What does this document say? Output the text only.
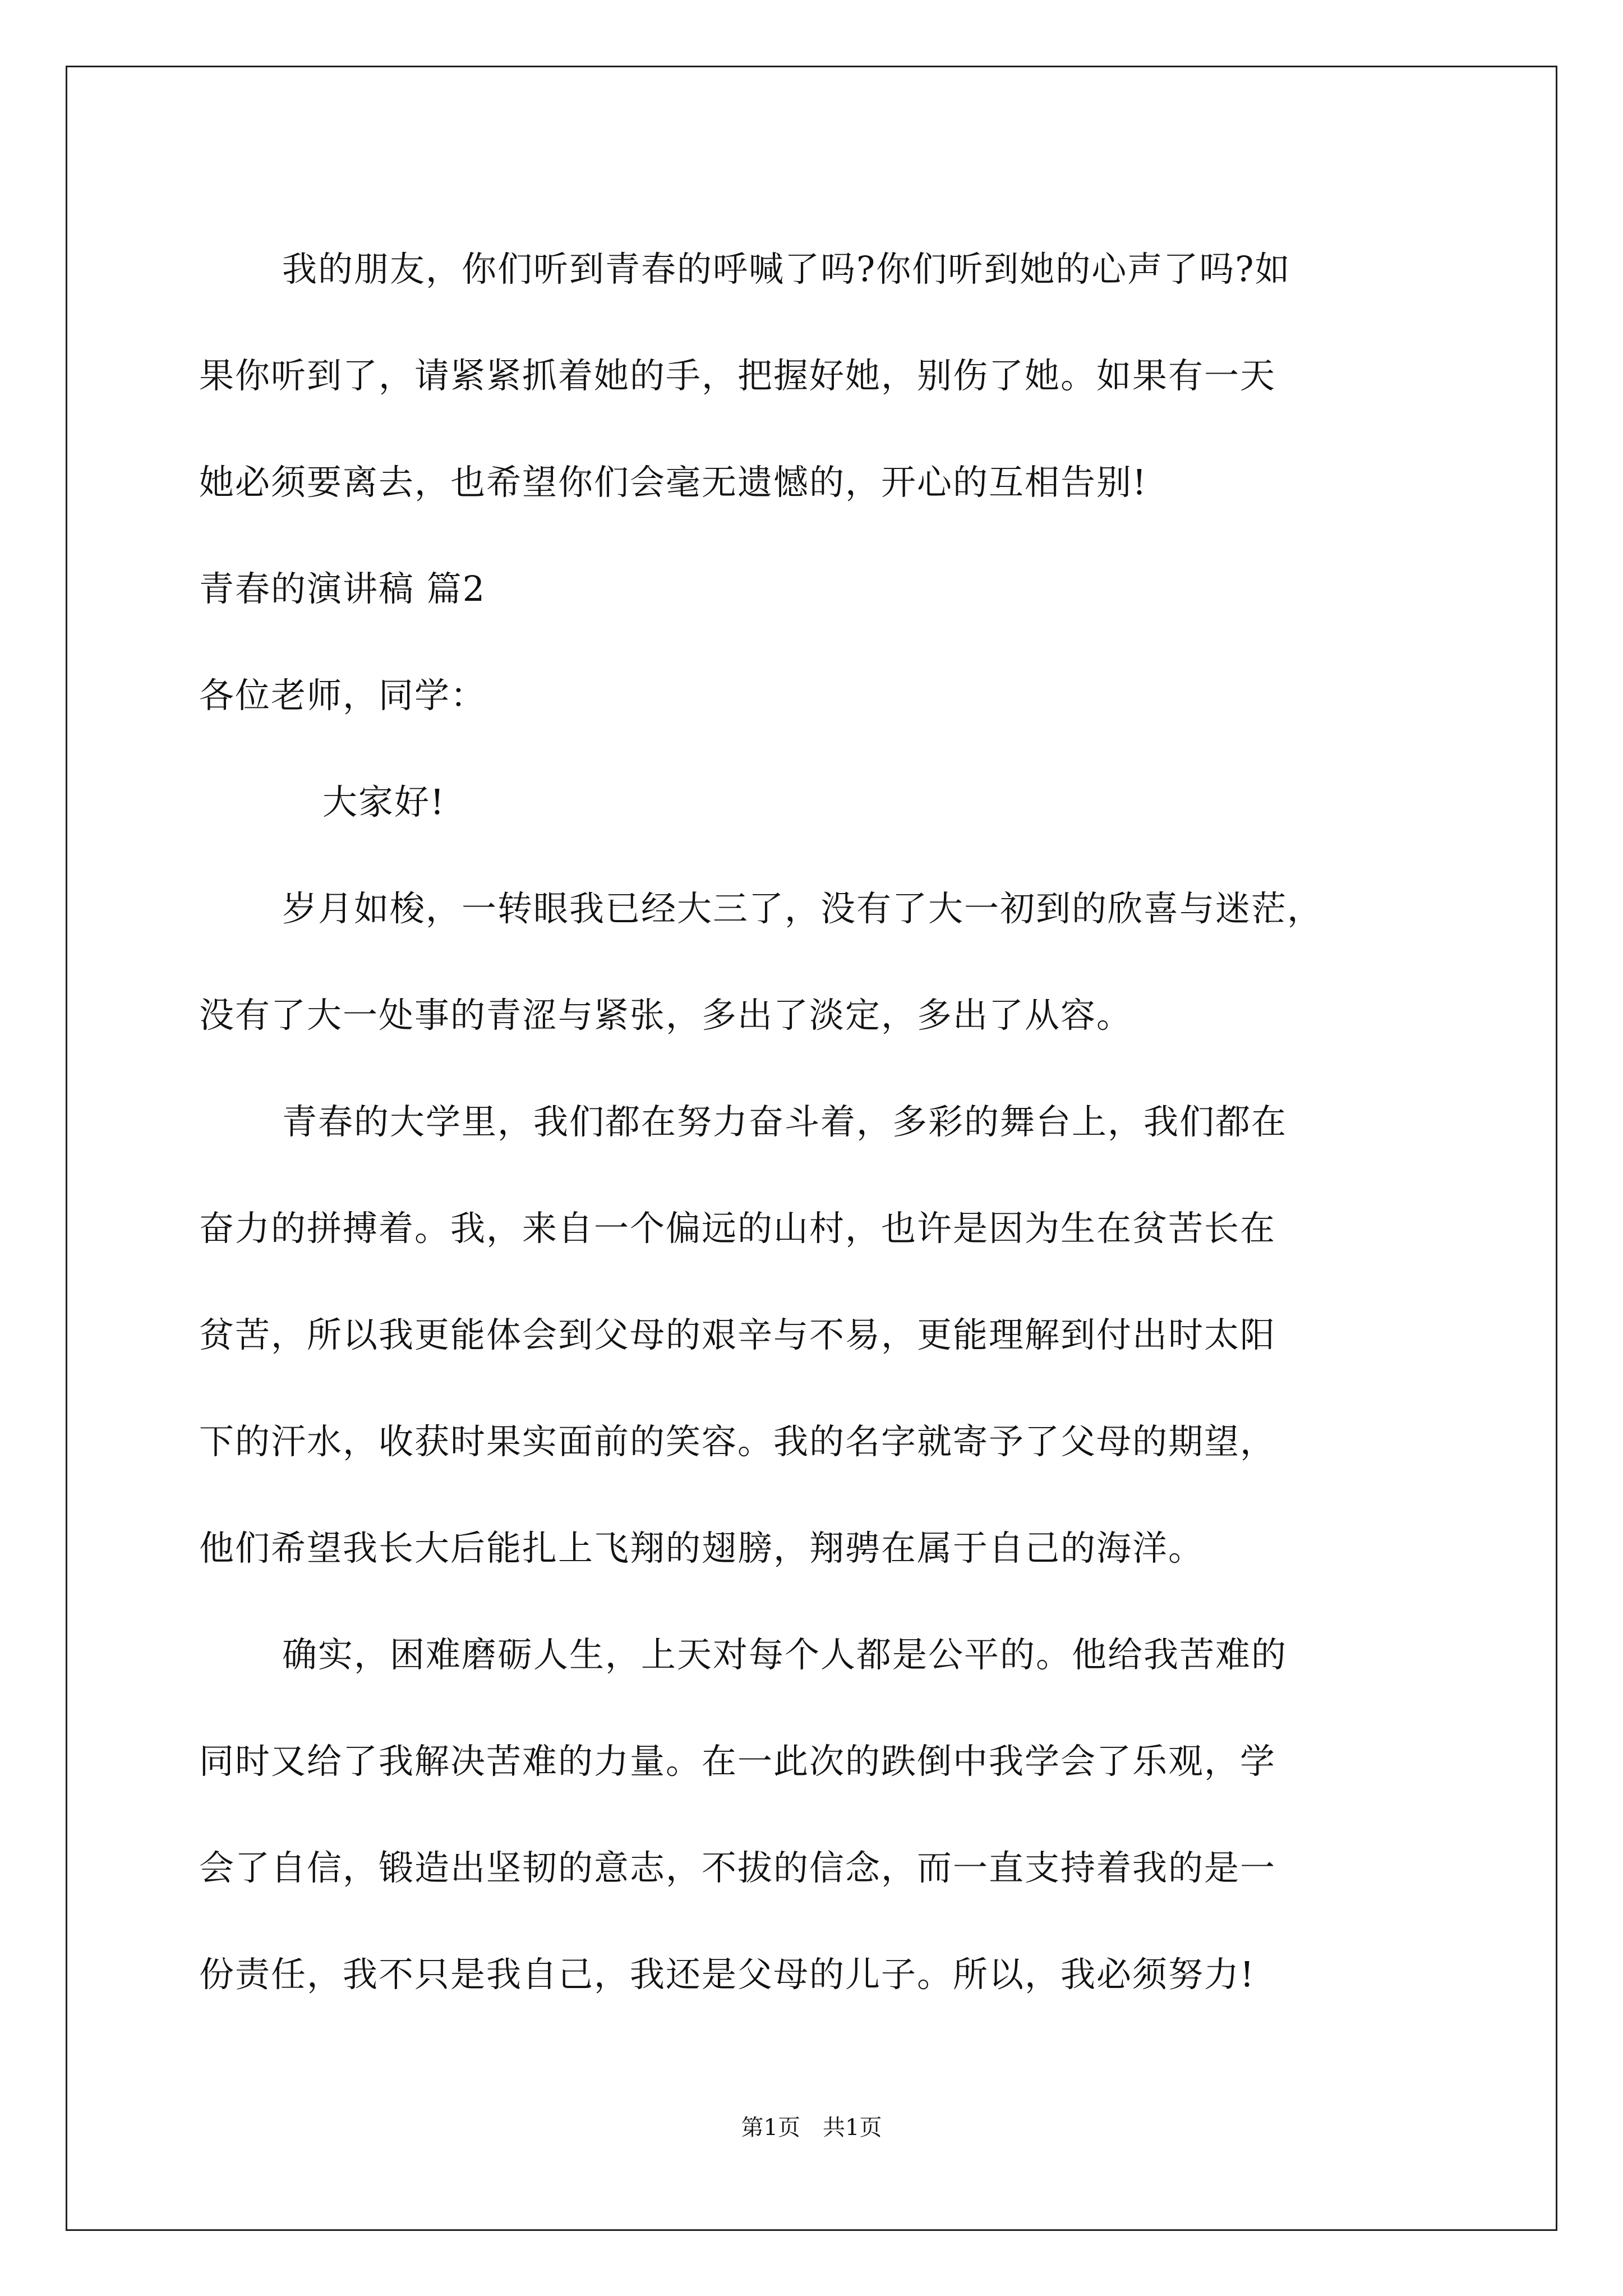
我的朋友，你们听到青春的呼喊了吗?你们听到她的心声了吗?如
果你听到了，请紧紧抓着她的手，把握好她，别伤了她。如果有一天
她必须要离去，也希望你们会毫无遗憾的，开心的互相告别!
青春的演讲稿 篇2
各位老师，同学：
大家好!
岁月如梭，一转眼我已经大三了，没有了大一初到的欣喜与迷茫，
没有了大一处事的青涩与紧张，多出了淡定，多出了从容。
青春的大学里，我们都在努力奋斗着，多彩的舞台上，我们都在
奋力的拼搏着。我，来自一个偏远的山村，也许是因为生在贫苦长在
贫苦，所以我更能体会到父母的艰辛与不易，更能理解到付出时太阳
下的汗水，收获时果实面前的笑容。我的名字就寄予了父母的期望，
他们希望我长大后能扎上飞翔的翅膀，翔骋在属于自己的海洋。
确实，困难磨砺人生，上天对每个人都是公平的。他给我苦难的
同时又给了我解决苦难的力量。在一此次的跌倒中我学会了乐观，学
会了自信，锻造出坚韧的意志，不拔的信念，而一直支持着我的是一
份责任，我不只是我自己，我还是父母的儿子。所以，我必须努力!
第1页　共1页
